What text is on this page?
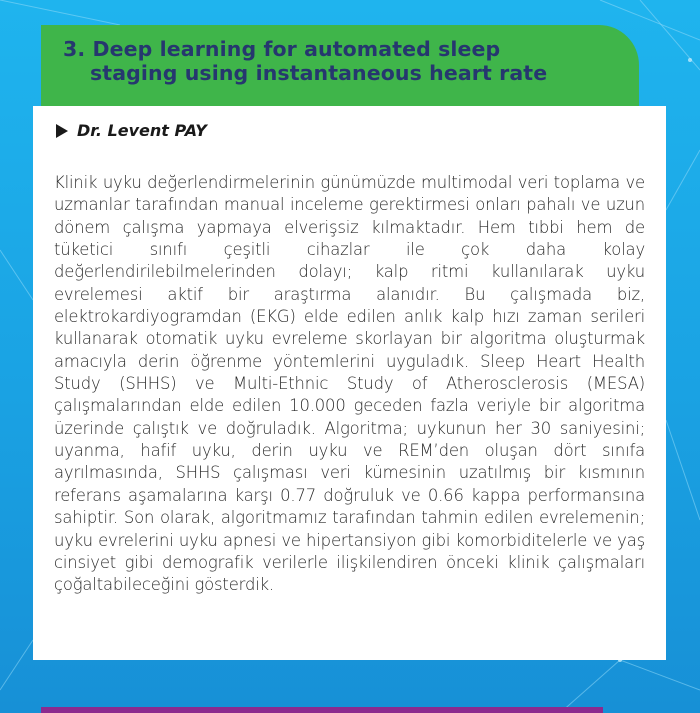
3. Deep learning for automated sleep
staging using instantaneous heart rate
Dr. Levent PAY

Klinik uyku değerlendirmelerinin günümüzde multimodal veri toplama ve uzmanlar tarafından manual inceleme gerektirmesi onları pahalı ve uzun dönem çalışma yapmaya elverişsiz kılmaktadır. Hem tıbbi hem de tüketici sınıfı çeşitli cihazlar ile çok daha kolay değerlendirilebilmelerinden dolayı; kalp ritmi kullanılarak uyku evrelemesi aktif bir araştırma alanıdır. Bu çalışmada biz, elektrokardiyogramdan (EKG) elde edilen anlık kalp hızı zaman serileri kullanarak otomatik uyku evreleme skorlayan bir algoritma oluşturmak amacıyla derin öğrenme yöntemlerini uyguladık. Sleep Heart Health Study (SHHS) ve Multi-Ethnic Study of Atherosclerosis (MESA) çalışmalarından elde edilen 10.000 geceden fazla veriyle bir algoritma üzerinde çalıştık ve doğruladık. Algoritma; uykunun her 30 saniyesini; uyanma, hafif uyku, derin uyku ve REM’den oluşan dört sınıfa ayrılmasında, SHHS çalışması veri kümesinin uzatılmış bir kısmının referans aşamalarına karşı 0.77 doğruluk ve 0.66 kappa performansına sahiptir. Son olarak, algoritmamız tarafından tahmin edilen evrelemenin; uyku evrelerini uyku apnesi ve hipertansiyon gibi komorbiditelerle ve yaş cinsiyet gibi demografik verilerle ilişkilendiren önceki klinik çalışmaları çoğaltabileceğini gösterdik.
